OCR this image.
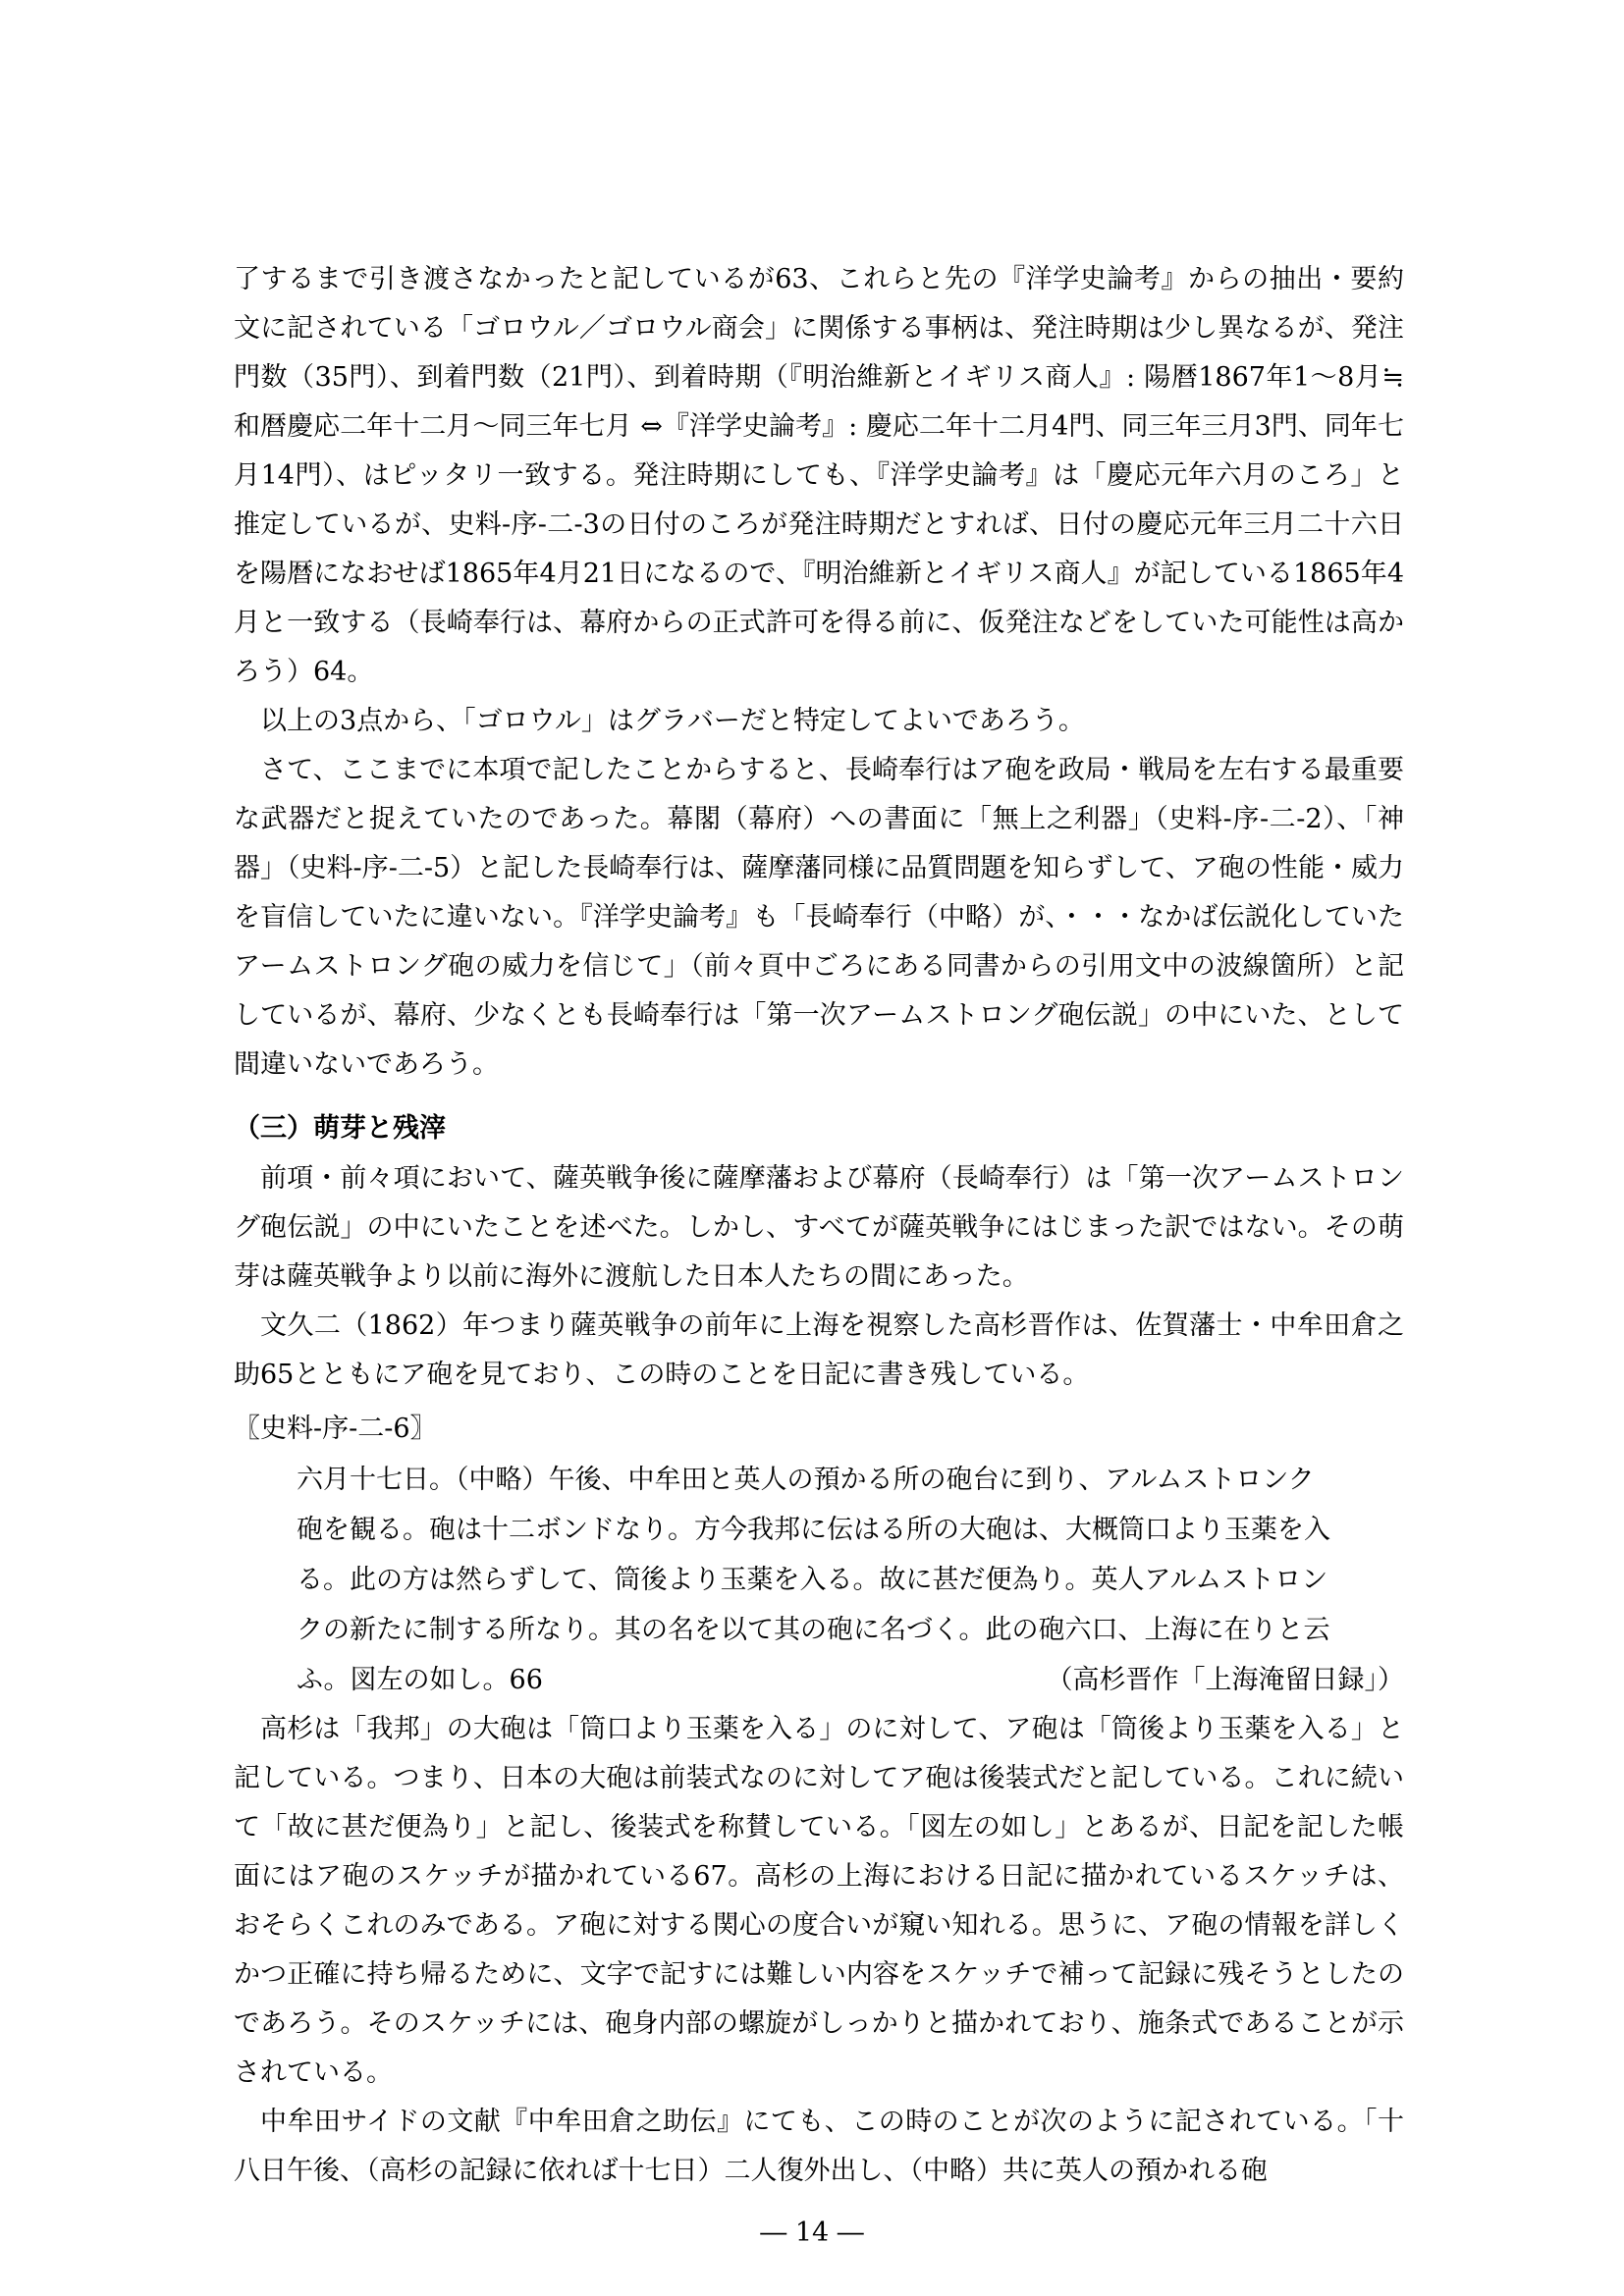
了するまで引き渡さなかったと記しているが63、これらと先の『洋学史論考』からの抽出・要約文に記されている「ゴロウル／ゴロウル商会」に関係する事柄は、発注時期は少し異なるが、発注門数（35門）、到着門数（21門）、到着時期（『明治維新とイギリス商人』: 陽暦1867年1～8月≒和暦慶応二年十二月～同三年七月 ⇔『洋学史論考』: 慶応二年十二月4門、同三年三月3門、同年七月14門）、はピッタリ一致する。発注時期にしても、『洋学史論考』は「慶応元年六月のころ」と推定しているが、史料-序-二-3の日付のころが発注時期だとすれば、日付の慶応元年三月二十六日を陽暦になおせば1865年4月21日になるので、『明治維新とイギリス商人』が記している1865年4月と一致する（長崎奉行は、幕府からの正式許可を得る前に、仮発注などをしていた可能性は高かろう）64。

以上の3点から、「ゴロウル」はグラバーだと特定してよいであろう。

さて、ここまでに本項で記したことからすると、長崎奉行はア砲を政局・戦局を左右する最重要な武器だと捉えていたのであった。幕閣（幕府）への書面に「無上之利器」（史料-序-二-2）、「神器」（史料-序-二-5）と記した長崎奉行は、薩摩藩同様に品質問題を知らずして、ア砲の性能・威力を盲信していたに違いない。『洋学史論考』も「長崎奉行（中略）が、・・・なかば伝説化していたアームストロング砲の威力を信じて」（前々頁中ごろにある同書からの引用文中の波線箇所）と記しているが、幕府、少なくとも長崎奉行は「第一次アームストロング砲伝説」の中にいた、として間違いないであろう。

（三）萌芽と残滓

前項・前々項において、薩英戦争後に薩摩藩および幕府（長崎奉行）は「第一次アームストロング砲伝説」の中にいたことを述べた。しかし、すべてが薩英戦争にはじまった訳ではない。その萌芽は薩英戦争より以前に海外に渡航した日本人たちの間にあった。

文久二（1862）年つまり薩英戦争の前年に上海を視察した高杉晋作は、佐賀藩士・中牟田倉之助65とともにア砲を見ており、この時のことを日記に書き残している。

〖史料-序-二-6〗
六月十七日。（中略）午後、中牟田と英人の預かる所の砲台に到り、アルムストロンク
砲を観る。砲は十二ボンドなり。方今我邦に伝はる所の大砲は、大概筒口より玉薬を入
る。此の方は然らずして、筒後より玉薬を入る。故に甚だ便為り。英人アルムストロン
クの新たに制する所なり。其の名を以て其の砲に名づく。此の砲六口、上海に在りと云
ふ。図左の如し。66	（高杉晋作「上海淹留日録」）

高杉は「我邦」の大砲は「筒口より玉薬を入る」のに対して、ア砲は「筒後より玉薬を入る」と記している。つまり、日本の大砲は前装式なのに対してア砲は後装式だと記している。これに続いて「故に甚だ便為り」と記し、後装式を称賛している。「図左の如し」とあるが、日記を記した帳面にはア砲のスケッチが描かれている67。高杉の上海における日記に描かれているスケッチは、おそらくこれのみである。ア砲に対する関心の度合いが窺い知れる。思うに、ア砲の情報を詳しくかつ正確に持ち帰るために、文字で記すには難しい内容をスケッチで補って記録に残そうとしたのであろう。そのスケッチには、砲身内部の螺旋がしっかりと描かれており、施条式であることが示されている。

中牟田サイドの文献『中牟田倉之助伝』にても、この時のことが次のように記されている。「十八日午後、（高杉の記録に依れば十七日）二人復外出し、（中略）共に英人の預かれる砲

― 14 ―
